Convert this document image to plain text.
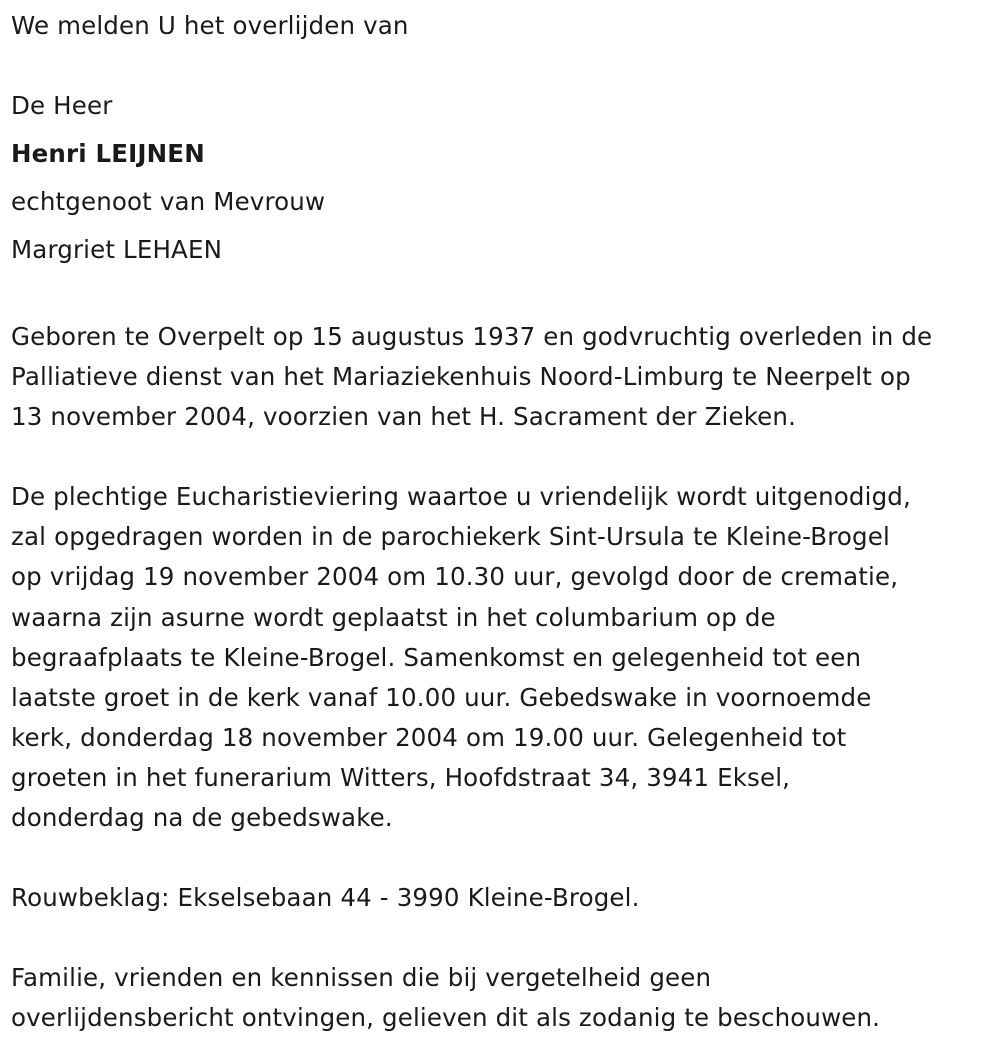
We melden U het overlijden van
De Heer
Henri LEIJNEN
echtgenoot van Mevrouw
Margriet LEHAEN
Geboren te Overpelt op 15 augustus 1937 en godvruchtig overleden in de
Palliatieve dienst van het Mariaziekenhuis Noord-Limburg te Neerpelt op
13 november 2004, voorzien van het H. Sacrament der Zieken.
De plechtige Eucharistieviering waartoe u vriendelijk wordt uitgenodigd,
zal opgedragen worden in de parochiekerk Sint-Ursula te Kleine-Brogel
op vrijdag 19 november 2004 om 10.30 uur, gevolgd door de crematie,
waarna zijn asurne wordt geplaatst in het columbarium op de
begraafplaats te Kleine-Brogel. Samenkomst en gelegenheid tot een
laatste groet in de kerk vanaf 10.00 uur. Gebedswake in voornoemde
kerk, donderdag 18 november 2004 om 19.00 uur. Gelegenheid tot
groeten in het funerarium Witters, Hoofdstraat 34, 3941 Eksel,
donderdag na de gebedswake.
Rouwbeklag: Ekselsebaan 44 - 3990 Kleine-Brogel.
Familie, vrienden en kennissen die bij vergetelheid geen
overlijdensbericht ontvingen, gelieven dit als zodanig te beschouwen.
